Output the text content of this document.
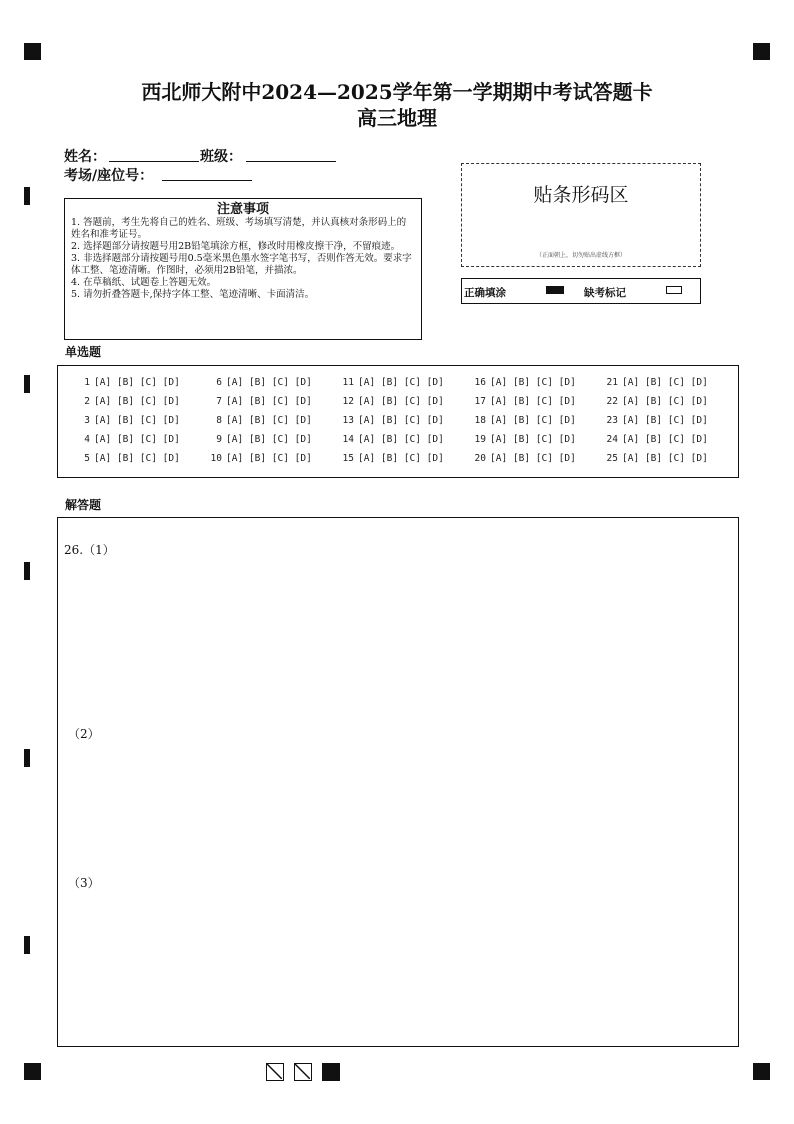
西北师大附中2024—2025学年第一学期期中考试答题卡
高三地理
姓名：	班级：
考场/座位号：
注意事项
1. 答题前，考生先将自己的姓名、班级、考场填写清楚，并认真核对条形码上的姓名和准考证号。
2. 选择题部分请按题号用2B铅笔填涂方框，修改时用橡皮擦干净，不留痕迹。
3. 非选择题部分请按题号用0.5毫米黑色墨水签字笔书写，否则作答无效。要求字体工整、笔迹清晰。作图时，必须用2B铅笔，并描浓。
4. 在草稿纸、试题卷上答题无效。
5. 请勿折叠答题卡,保持字体工整、笔迹清晰、卡面清洁。
贴条形码区
（正面朝上，切勿贴出虚线方框）
正确填涂	缺考标记
单选题
1 [A] [B] [C] [D]	6 [A] [B] [C] [D]	11 [A] [B] [C] [D]	16 [A] [B] [C] [D]	21 [A] [B] [C] [D]
2 [A] [B] [C] [D]	7 [A] [B] [C] [D]	12 [A] [B] [C] [D]	17 [A] [B] [C] [D]	22 [A] [B] [C] [D]
3 [A] [B] [C] [D]	8 [A] [B] [C] [D]	13 [A] [B] [C] [D]	18 [A] [B] [C] [D]	23 [A] [B] [C] [D]
4 [A] [B] [C] [D]	9 [A] [B] [C] [D]	14 [A] [B] [C] [D]	19 [A] [B] [C] [D]	24 [A] [B] [C] [D]
5 [A] [B] [C] [D]	10 [A] [B] [C] [D]	15 [A] [B] [C] [D]	20 [A] [B] [C] [D]	25 [A] [B] [C] [D]
解答题
26.（1）
（2）
（3）
